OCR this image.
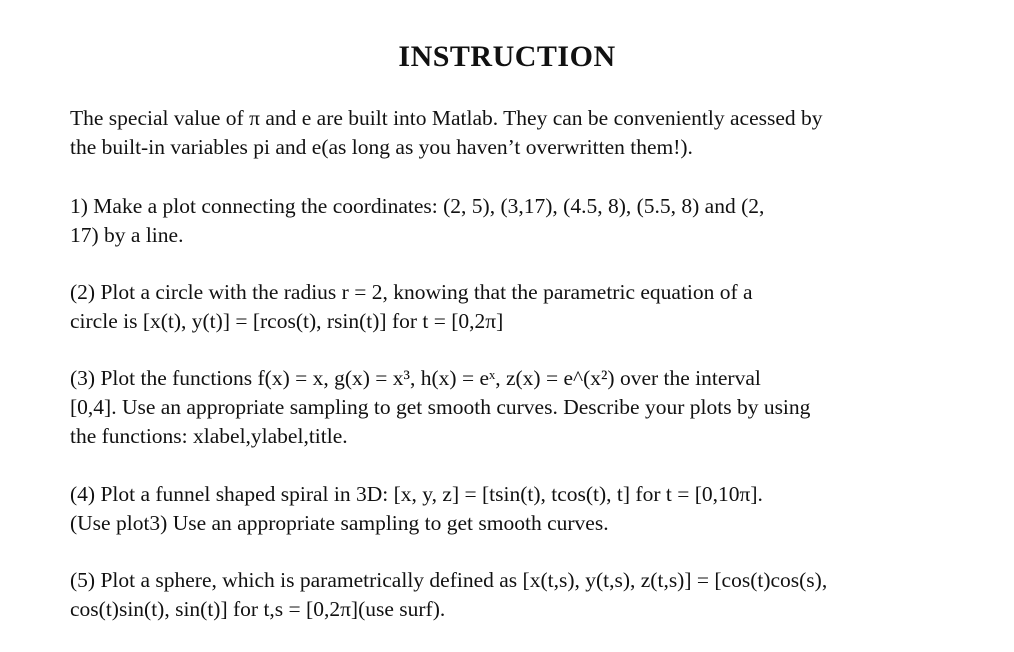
INSTRUCTION
The special value of π and e are built into Matlab. They can be conveniently acessed by
the built-in variables pi and e(as long as you haven’t overwritten them!).
1) Make a plot connecting the coordinates: (2, 5), (3,17), (4.5, 8), (5.5, 8) and (2,
17) by a line.
(2) Plot a circle with the radius r = 2, knowing that the parametric equation of a
circle is [x(t), y(t)] = [rcos(t), rsin(t)] for t = [0,2π]
(3) Plot the functions f(x) = x, g(x) = x³, h(x) = eˣ, z(x) = e^(x²) over the interval
[0,4]. Use an appropriate sampling to get smooth curves. Describe your plots by using
the functions: xlabel,ylabel,title.
(4) Plot a funnel shaped spiral in 3D: [x, y, z] = [tsin(t), tcos(t), t] for t = [0,10π].
(Use plot3) Use an appropriate sampling to get smooth curves.
(5) Plot a sphere, which is parametrically defined as [x(t,s), y(t,s), z(t,s)] = [cos(t)cos(s),
cos(t)sin(t), sin(t)] for t,s = [0,2π](use surf).
